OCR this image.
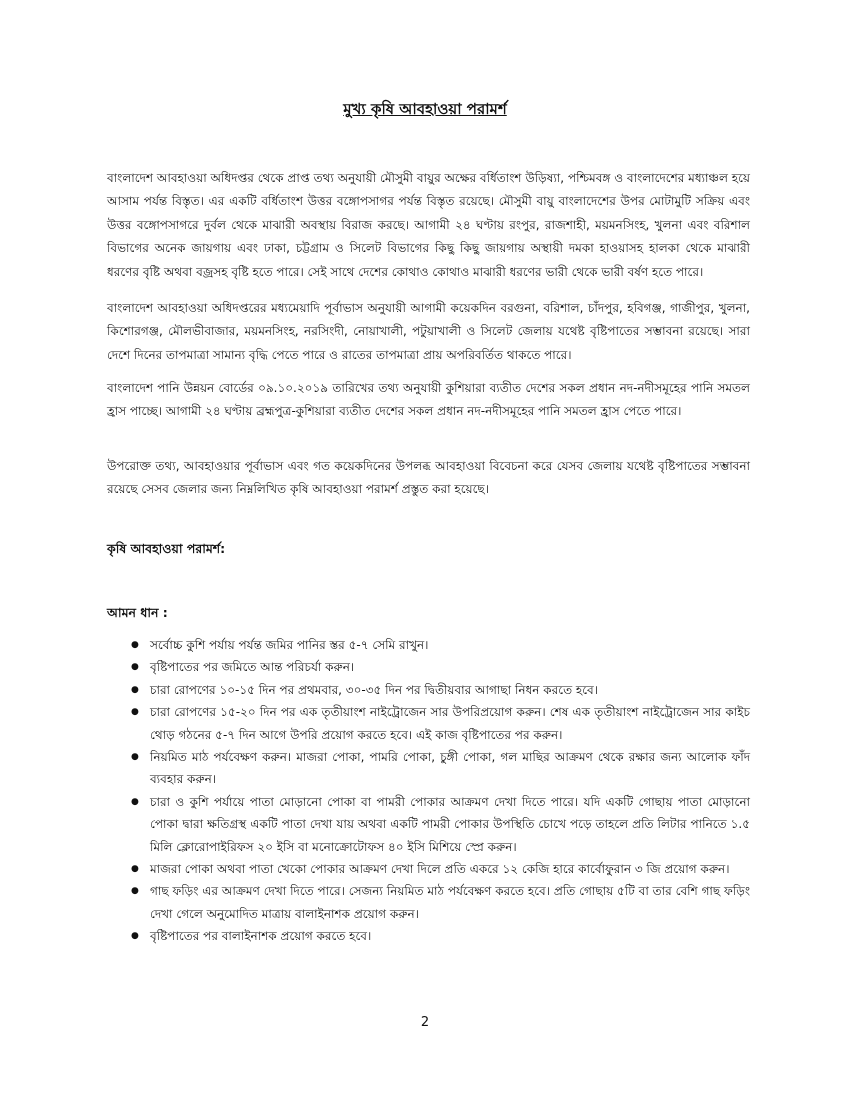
মুখ্য কৃষি আবহাওয়া পরামর্শ

বাংলাদেশ আবহাওয়া অধিদপ্তর থেকে প্রাপ্ত তথ্য অনুযায়ী মৌসুমী বায়ুর অক্ষের বর্ধিতাংশ উড়িষ্যা, পশ্চিমবঙ্গ ও বাংলাদেশের মধ্যাঞ্চল হয়ে আসাম পর্যন্ত বিস্তৃত। এর একটি বর্ধিতাংশ উত্তর বঙ্গোপসাগর পর্যন্ত বিস্তৃত রয়েছে। মৌসুমী বায়ু বাংলাদেশের উপর মোটামুটি সক্রিয় এবং উত্তর বঙ্গোপসাগরে দুর্বল থেকে মাঝারী অবস্থায় বিরাজ করছে। আগামী ২৪ ঘণ্টায় রংপুর, রাজশাহী, ময়মনসিংহ, খুলনা এবং বরিশাল বিভাগের অনেক জায়গায় এবং ঢাকা, চট্টগ্রাম ও সিলেট বিভাগের কিছু কিছু জায়গায় অস্থায়ী দমকা হাওয়াসহ হালকা থেকে মাঝারী ধরণের বৃষ্টি অথবা বজ্রসহ বৃষ্টি হতে পারে। সেই সাথে দেশের কোথাও কোথাও মাঝারী ধরণের ভারী থেকে ভারী বর্ষণ হতে পারে।

বাংলাদেশ আবহাওয়া অধিদপ্তরের মধ্যমেয়াদি পূর্বাভাস অনুযায়ী আগামী কয়েকদিন বরগুনা, বরিশাল, চাঁদপুর, হবিগঞ্জ, গাজীপুর, খুলনা, কিশোরগঞ্জ, মৌলভীবাজার, ময়মনসিংহ, নরসিংদী, নোয়াখালী, পটুয়াখালী ও সিলেট জেলায় যথেষ্ট বৃষ্টিপাতের সম্ভাবনা রয়েছে। সারা দেশে দিনের তাপমাত্রা সামান্য বৃদ্ধি পেতে পারে ও রাতের তাপমাত্রা প্রায় অপরিবর্তিত থাকতে পারে।

বাংলাদেশ পানি উন্নয়ন বোর্ডের ০৯.১০.২০১৯ তারিখের তথ্য অনুযায়ী কুশিয়ারা ব্যতীত দেশের সকল প্রধান নদ-নদীসমূহের পানি সমতল হ্রাস পাচ্ছে। আগামী ২৪ ঘণ্টায় ব্রহ্মপুত্র-কুশিয়ারা ব্যতীত দেশের সকল প্রধান নদ-নদীসমূহের পানি সমতল হ্রাস পেতে পারে।

উপরোক্ত তথ্য, আবহাওয়ার পূর্বাভাস এবং গত কয়েকদিনের উপলব্ধ আবহাওয়া বিবেচনা করে যেসব জেলায় যথেষ্ট বৃষ্টিপাতের সম্ভাবনা রয়েছে সেসব জেলার জন্য নিম্নলিখিত কৃষি আবহাওয়া পরামর্শ প্রস্তুত করা হয়েছে।

কৃষি আবহাওয়া পরামর্শ:
আমন ধান :
● সর্বোচ্চ কুশি পর্যায় পর্যন্ত জমির পানির স্তর ৫-৭ সেমি রাখুন।
● বৃষ্টিপাতের পর জমিতে আন্ত পরিচর্যা করুন।
● চারা রোপণের ১০-১৫ দিন পর প্রথমবার, ৩০-৩৫ দিন পর দ্বিতীয়বার আগাছা নিধন করতে হবে।
● চারা রোপণের ১৫-২০ দিন পর এক তৃতীয়াংশ নাইট্রোজেন সার উপরিপ্রয়োগ করুন। শেষ এক তৃতীয়াংশ নাইট্রোজেন সার কাইচ থোড় গঠনের ৫-৭ দিন আগে উপরি প্রয়োগ করতে হবে। এই কাজ বৃষ্টিপাতের পর করুন।
● নিয়মিত মাঠ পর্যবেক্ষণ করুন। মাজরা পোকা, পামরি পোকা, চুঙ্গী পোকা, গল মাছির আক্রমণ থেকে রক্ষার জন্য আলোক ফাঁদ ব্যবহার করুন।
● চারা ও কুশি পর্যায়ে পাতা মোড়ানো পোকা বা পামরী পোকার আক্রমণ দেখা দিতে পারে। যদি একটি গোছায় পাতা মোড়ানো পোকা দ্বারা ক্ষতিগ্রস্থ একটি পাতা দেখা যায় অথবা একটি পামরী পোকার উপস্থিতি চোখে পড়ে তাহলে প্রতি লিটার পানিতে ১.৫ মিলি ক্লোরোপাইরিফস ২০ ইসি বা মনোক্রোটোফস ৪০ ইসি মিশিয়ে স্প্রে করুন।
● মাজরা পোকা অথবা পাতা খেকো পোকার আক্রমণ দেখা দিলে প্রতি একরে ১২ কেজি হারে কার্বোফুরান ৩ জি প্রয়োগ করুন।
● গাছ ফড়িং এর আক্রমণ দেখা দিতে পারে। সেজন্য নিয়মিত মাঠ পর্যবেক্ষণ করতে হবে। প্রতি গোছায় ৫টি বা তার বেশি গাছ ফড়িং দেখা গেলে অনুমোদিত মাত্রায় বালাইনাশক প্রয়োগ করুন।
● বৃষ্টিপাতের পর বালাইনাশক প্রয়োগ করতে হবে।
2
